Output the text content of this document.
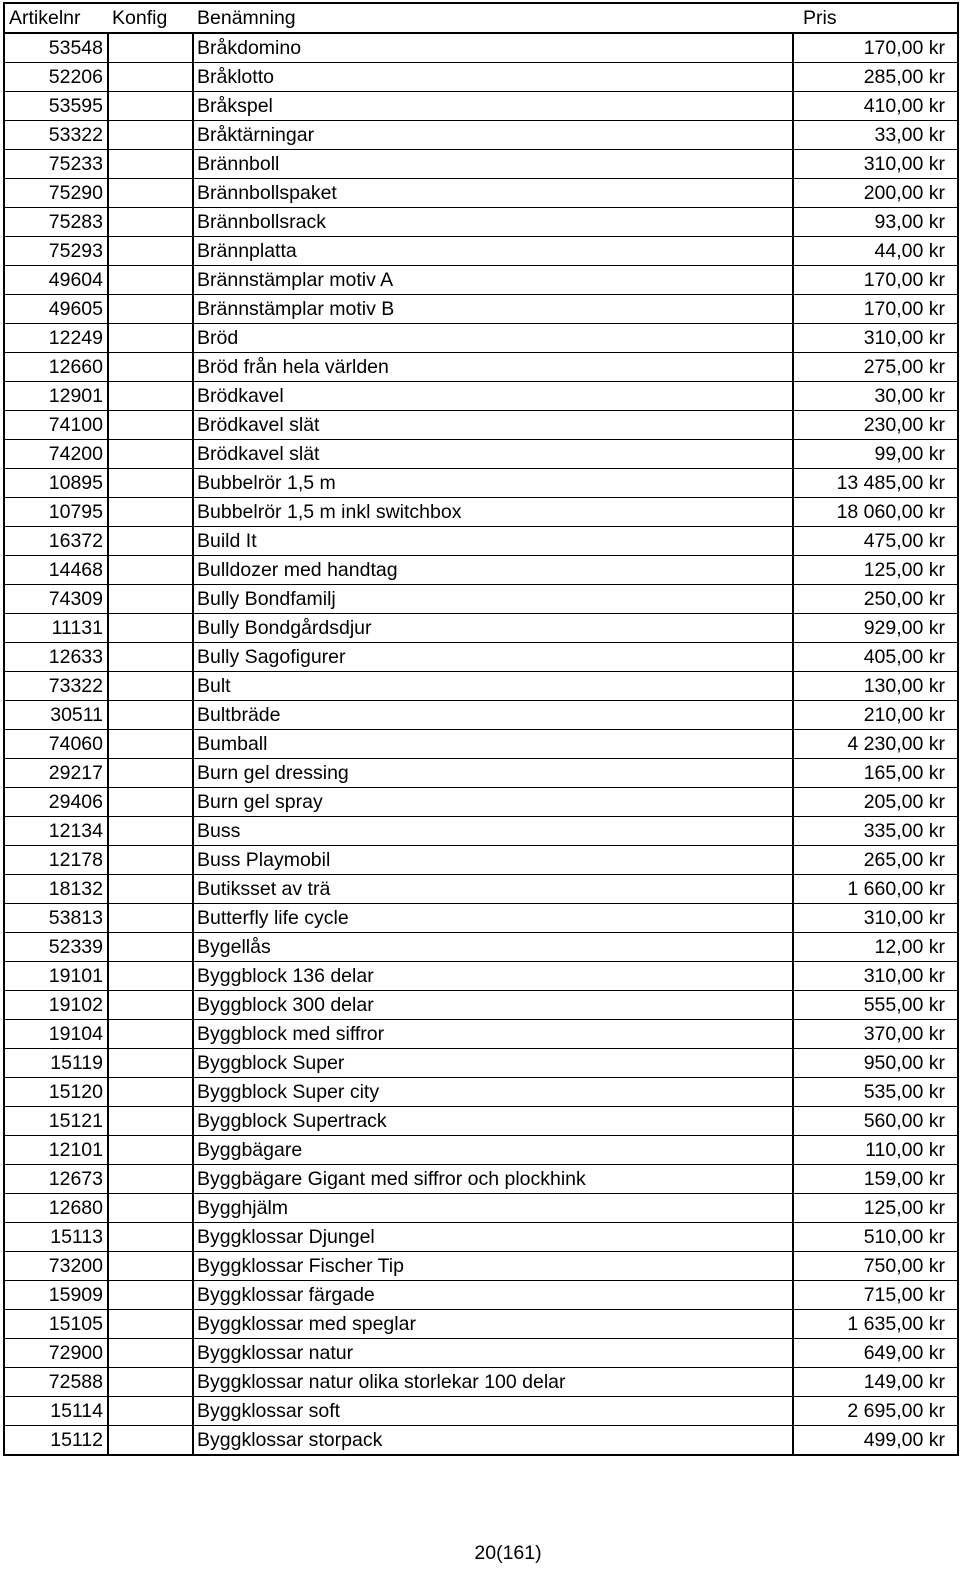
Artikelnr	Konfig	Benämning	Pris
53548		Bråkdomino	170,00 kr
52206		Bråklotto	285,00 kr
53595		Bråkspel	410,00 kr
53322		Bråktärningar	33,00 kr
75233		Brännboll	310,00 kr
75290		Brännbollspaket	200,00 kr
75283		Brännbollsrack	93,00 kr
75293		Brännplatta	44,00 kr
49604		Brännstämplar motiv A	170,00 kr
49605		Brännstämplar motiv B	170,00 kr
12249		Bröd	310,00 kr
12660		Bröd från hela världen	275,00 kr
12901		Brödkavel	30,00 kr
74100		Brödkavel slät	230,00 kr
74200		Brödkavel slät	99,00 kr
10895		Bubbelrör 1,5 m	13 485,00 kr
10795		Bubbelrör 1,5 m inkl switchbox	18 060,00 kr
16372		Build It	475,00 kr
14468		Bulldozer med handtag	125,00 kr
74309		Bully Bondfamilj	250,00 kr
11131		Bully Bondgårdsdjur	929,00 kr
12633		Bully Sagofigurer	405,00 kr
73322		Bult	130,00 kr
30511		Bultbräde	210,00 kr
74060		Bumball	4 230,00 kr
29217		Burn gel dressing	165,00 kr
29406		Burn gel spray	205,00 kr
12134		Buss	335,00 kr
12178		Buss Playmobil	265,00 kr
18132		Butiksset av trä	1 660,00 kr
53813		Butterfly life cycle	310,00 kr
52339		Bygellås	12,00 kr
19101		Byggblock 136 delar	310,00 kr
19102		Byggblock 300 delar	555,00 kr
19104		Byggblock med siffror	370,00 kr
15119		Byggblock Super	950,00 kr
15120		Byggblock Super city	535,00 kr
15121		Byggblock Supertrack	560,00 kr
12101		Byggbägare	110,00 kr
12673		Byggbägare Gigant med siffror och plockhink	159,00 kr
12680		Bygghjälm	125,00 kr
15113		Byggklossar Djungel	510,00 kr
73200		Byggklossar Fischer Tip	750,00 kr
15909		Byggklossar färgade	715,00 kr
15105		Byggklossar med speglar	1 635,00 kr
72900		Byggklossar natur	649,00 kr
72588		Byggklossar natur olika storlekar 100 delar	149,00 kr
15114		Byggklossar soft	2 695,00 kr
15112		Byggklossar storpack	499,00 kr
20(161)
